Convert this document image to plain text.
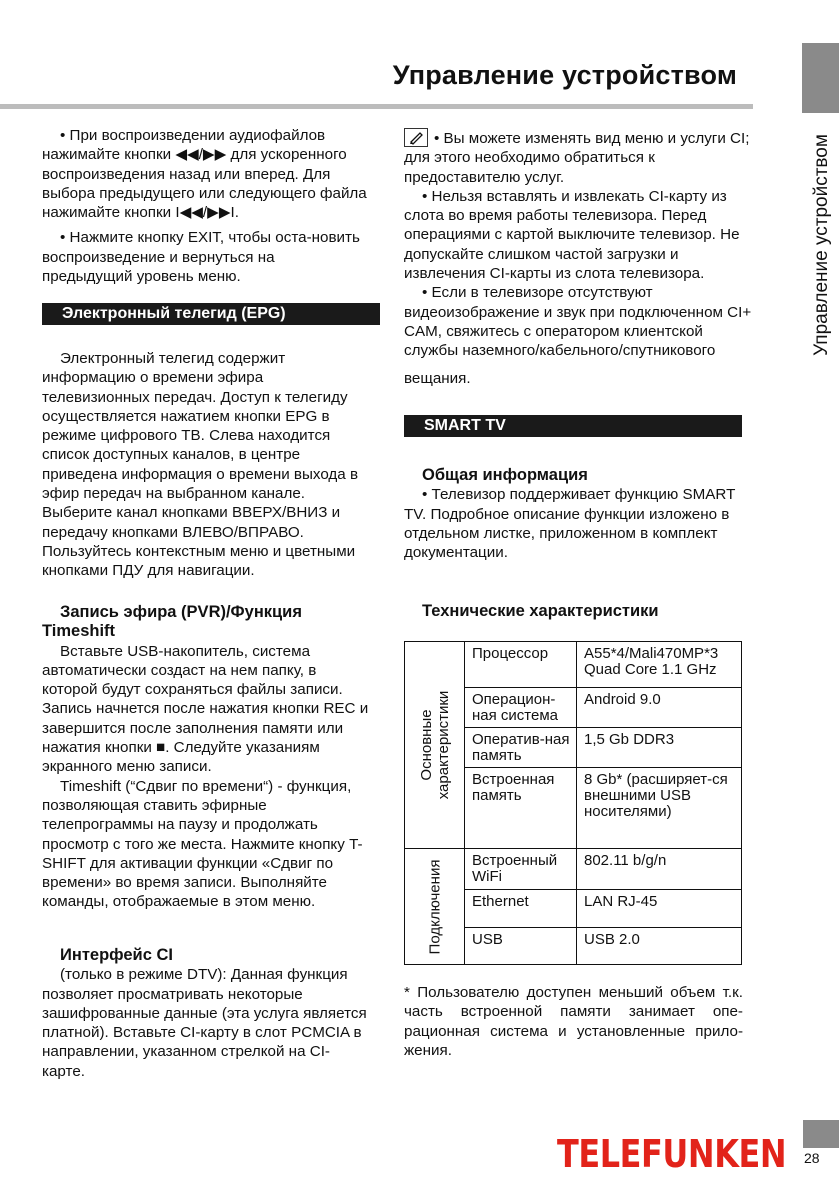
Управление устройством
Управление устройством

• При воспроизведении аудиофайлов нажимайте кнопки ◀◀/▶▶ для ускоренного воспроизведения назад или вперед. Для выбора предыдущего или следующего файла нажимайте кнопки I◀◀/▶▶I.

• Нажмите кнопку EXIT, чтобы оста-новить воспроизведение и вернуться на предыдущий уровень меню.

Электронный телегид (EPG)

Электронный телегид содержит информацию о времени эфира телевизионных передач. Доступ к телегиду осуществляется нажатием кнопки EPG в режиме цифрового ТВ. Слева находится список доступных каналов, в центре приведена информация о времени выхода в эфир передач на выбранном канале. Выберите канал кнопками ВВЕРХ/ВНИЗ и передачу кнопками ВЛЕВО/ВПРАВО. Пользуйтесь контекстным меню и цветными кнопками ПДУ для навигации.

Запись эфира (PVR)/Функция Timeshift

Вставьте USB-накопитель, система автоматически создаст на нем папку, в которой будут сохраняться файлы записи. Запись начнется после нажатия кнопки REC и завершится после заполнения памяти или нажатия кнопки ■. Следуйте указаниям экранного меню записи.

Timeshift (“Сдвиг по времени“) - функция, позволяющая ставить эфирные телепрограммы на паузу и продолжать просмотр с того же места. Нажмите кнопку T-SHIFT для активации функции «Сдвиг по времени» во время записи. Выполняйте команды, отображаемые в этом меню.

Интерфейс CI

(только в режиме DTV): Данная функция позволяет просматривать некоторые зашифрованные данные (эта услуга является платной). Вставьте CI-карту в слот PCMCIA в направлении, указанном стрелкой на CI-карте.

• Вы можете изменять вид меню и услуги CI; для этого необходимо обратиться к предоставителю услуг.

• Нельзя вставлять и извлекать CI-карту из слота во время работы телевизора. Перед операциями с картой выключите телевизор. Не допускайте слишком частой загрузки и извлечения CI-карты из слота телевизора.

• Если в телевизоре отсутствуют видеоизображение и звук при подключенном CI+ CAM, свяжитесь с оператором клиентской службы наземного/кабельного/спутникового

вещания.

SMART TV

Общая информация

• Телевизор поддерживает функцию SMART TV. Подробное описание функции изложено в отдельном листке, приложенном в комплект документации.

Технические характеристики
Основные
характеристики	Процессор	A55*4/Mali470MP*3 Quad Core 1.1 GHz
	Операцион-ная система	Android 9.0
	Оператив-ная память	1,5 Gb DDR3
	Встроенная память	8 Gb* (расширяет-ся внешними USB носителями)

Подключения	Встроенный WiFi	802.11 b/g/n
	Ethernet	LAN RJ-45
	USB	USB 2.0
* Пользователю доступен меньший объем т.к. часть встроенной памяти занимает опе-рационная система и установленные прило-жения.
TELEFUNKEN 28
